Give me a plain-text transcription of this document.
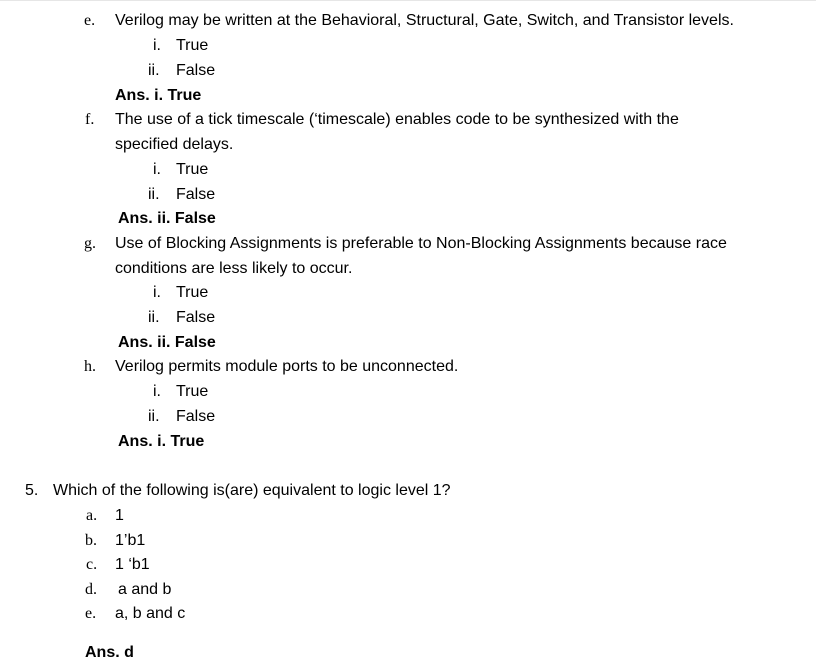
e. Verilog may be written at the Behavioral, Structural, Gate, Switch, and Transistor levels.
i. True
ii. False
Ans. i. True
f. The use of a tick timescale (‘timescale) enables code to be synthesized with the
specified delays.
i. True
ii. False
Ans. ii. False
g. Use of Blocking Assignments is preferable to Non-Blocking Assignments because race
conditions are less likely to occur.
i. True
ii. False
Ans. ii. False
h. Verilog permits module ports to be unconnected.
i. True
ii. False
Ans. i. True
5. Which of the following is(are) equivalent to logic level 1?
a. 1
b. 1’b1
c. 1 ‘b1
d. a and b
e. a, b and c
Ans. d
